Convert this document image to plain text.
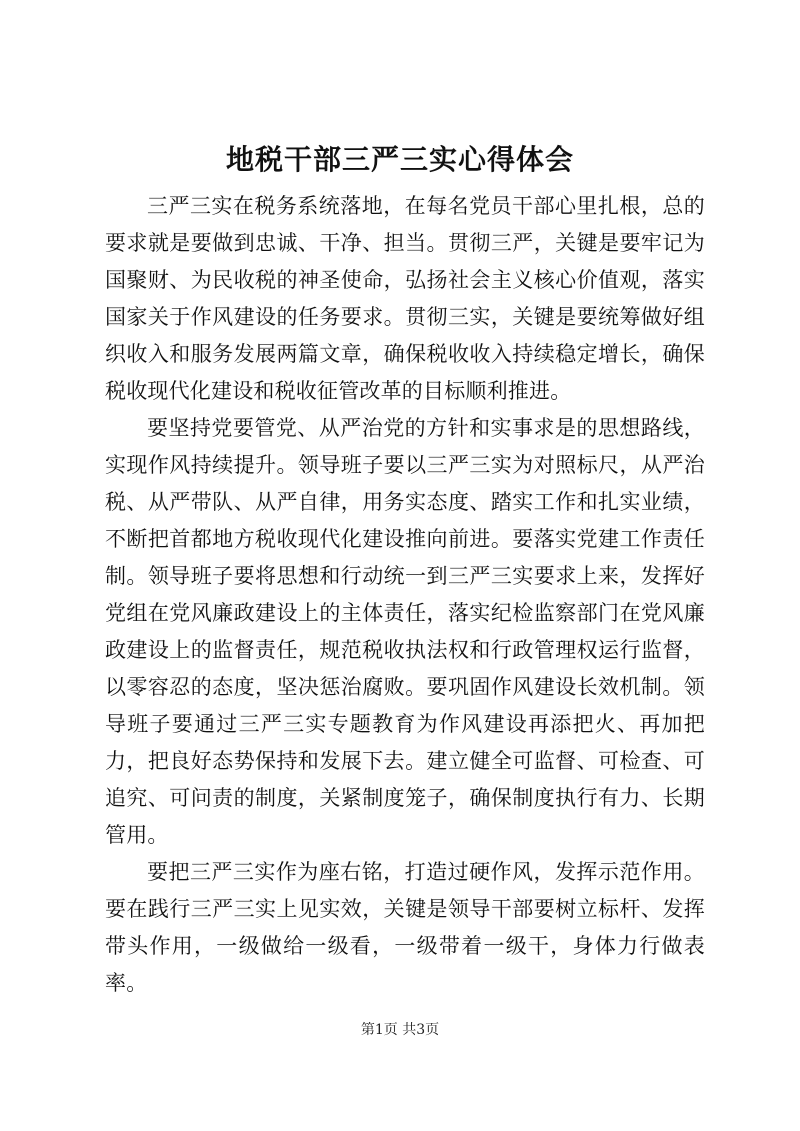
地税干部三严三实心得体会

三严三实在税务系统落地，在每名党员干部心里扎根，总的要求就是要做到忠诚、干净、担当。贯彻三严，关键是要牢记为国聚财、为民收税的神圣使命，弘扬社会主义核心价值观，落实国家关于作风建设的任务要求。贯彻三实，关键是要统筹做好组织收入和服务发展两篇文章，确保税收收入持续稳定增长，确保税收现代化建设和税收征管改革的目标顺利推进。

要坚持党要管党、从严治党的方针和实事求是的思想路线，实现作风持续提升。领导班子要以三严三实为对照标尺，从严治税、从严带队、从严自律，用务实态度、踏实工作和扎实业绩，不断把首都地方税收现代化建设推向前进。要落实党建工作责任制。领导班子要将思想和行动统一到三严三实要求上来，发挥好党组在党风廉政建设上的主体责任，落实纪检监察部门在党风廉政建设上的监督责任，规范税收执法权和行政管理权运行监督，以零容忍的态度，坚决惩治腐败。要巩固作风建设长效机制。领导班子要通过三严三实专题教育为作风建设再添把火、再加把力，把良好态势保持和发展下去。建立健全可监督、可检查、可追究、可问责的制度，关紧制度笼子，确保制度执行有力、长期管用。

要把三严三实作为座右铭，打造过硬作风，发挥示范作用。要在践行三严三实上见实效，关键是领导干部要树立标杆、发挥带头作用，一级做给一级看，一级带着一级干，身体力行做表率。

第1页 共3页
